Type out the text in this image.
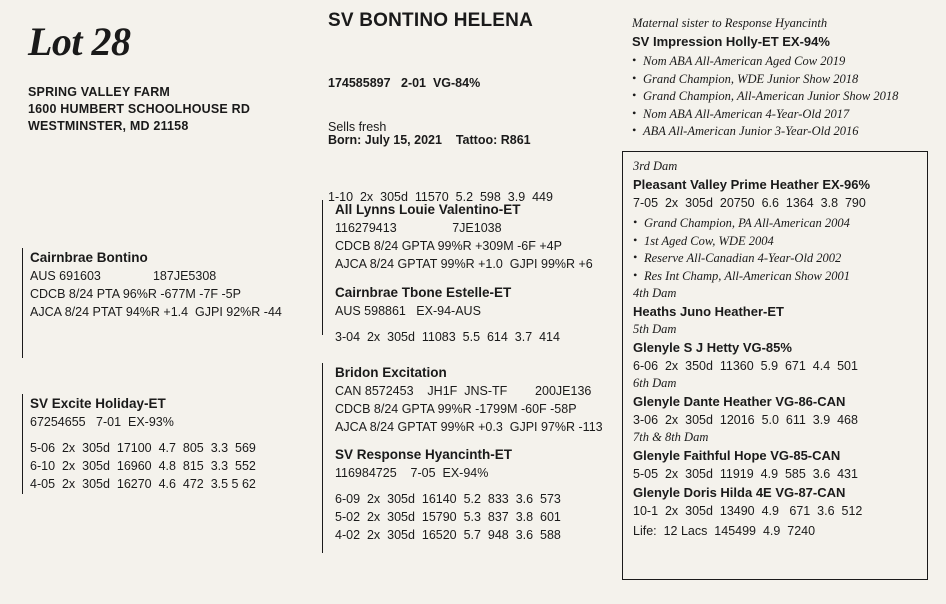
Lot 28
SPRING VALLEY FARM
1600 HUMBERT SCHOOLHOUSE RD
WESTMINSTER, MD 21158
SV BONTINO HELENA

174585897   2-01  VG-84%

Born: July 15, 2021    Tattoo: R861

1-10  2x  305d  11570  5.2  598  3.9  449

Sells fresh
Cairnbrae Bontino
AUS 691603               187JE5308
CDCB 8/24 PTA 96%R -677M -7F -5P
AJCA 8/24 PTAT 94%R +1.4  GJPI 92%R -44
SV Excite Holiday-ET
67254655   7-01  EX-93%
5-06  2x  305d  17100  4.7  805  3.3  569
6-10  2x  305d  16960  4.8  815  3.3  552
4-05  2x  305d  16270  4.6  472  3.5 5 62
All Lynns Louie Valentino-ET
116279413                7JE1038
CDCB 8/24 GPTA 99%R +309M -6F +4P
AJCA 8/24 GPTAT 99%R +1.0  GJPI 99%R +6
Cairnbrae Tbone Estelle-ET
AUS 598861   EX-94-AUS
3-04  2x  305d  11083  5.5  614  3.7  414
Bridon Excitation
CAN 8572453    JH1F  JNS-TF        200JE136
CDCB 8/24 GPTA 99%R -1799M -60F -58P
AJCA 8/24 GPTAT 99%R +0.3  GJPI 97%R -113
SV Response Hyancinth-ET
116984725    7-05  EX-94%
6-09  2x  305d  16140  5.2  833  3.6  573
5-02  2x  305d  15790  5.3  837  3.8  601
4-02  2x  305d  16520  5.7  948  3.6  588
Maternal sister to Response Hyancinth
SV Impression Holly-ET EX-94%
• Nom ABA All-American Aged Cow 2019
• Grand Champion, WDE Junior Show 2018
• Grand Champion, All-American Junior Show 2018
• Nom ABA All-American 4-Year-Old 2017
• ABA All-American Junior 3-Year-Old 2016
3rd Dam
Pleasant Valley Prime Heather EX-96%
7-05  2x  305d  20750  6.6  1364  3.8  790
• Grand Champion, PA All-American 2004
• 1st Aged Cow, WDE 2004
• Reserve All-Canadian 4-Year-Old 2002
• Res Int Champ, All-American Show 2001
4th Dam
Heaths Juno Heather-ET
5th Dam
Glenyle S J Hetty VG-85%
6-06  2x  350d  11360  5.9  671  4.4  501
6th Dam
Glenyle Dante Heather VG-86-CAN
3-06  2x  305d  12016  5.0  611  3.9  468
7th & 8th Dam
Glenyle Faithful Hope VG-85-CAN
5-05  2x  305d  11919  4.9  585  3.6  431
Glenyle Doris Hilda 4E VG-87-CAN
10-1  2x  305d  13490  4.9   671  3.6  512
Life:  12 Lacs  145499  4.9  7240
